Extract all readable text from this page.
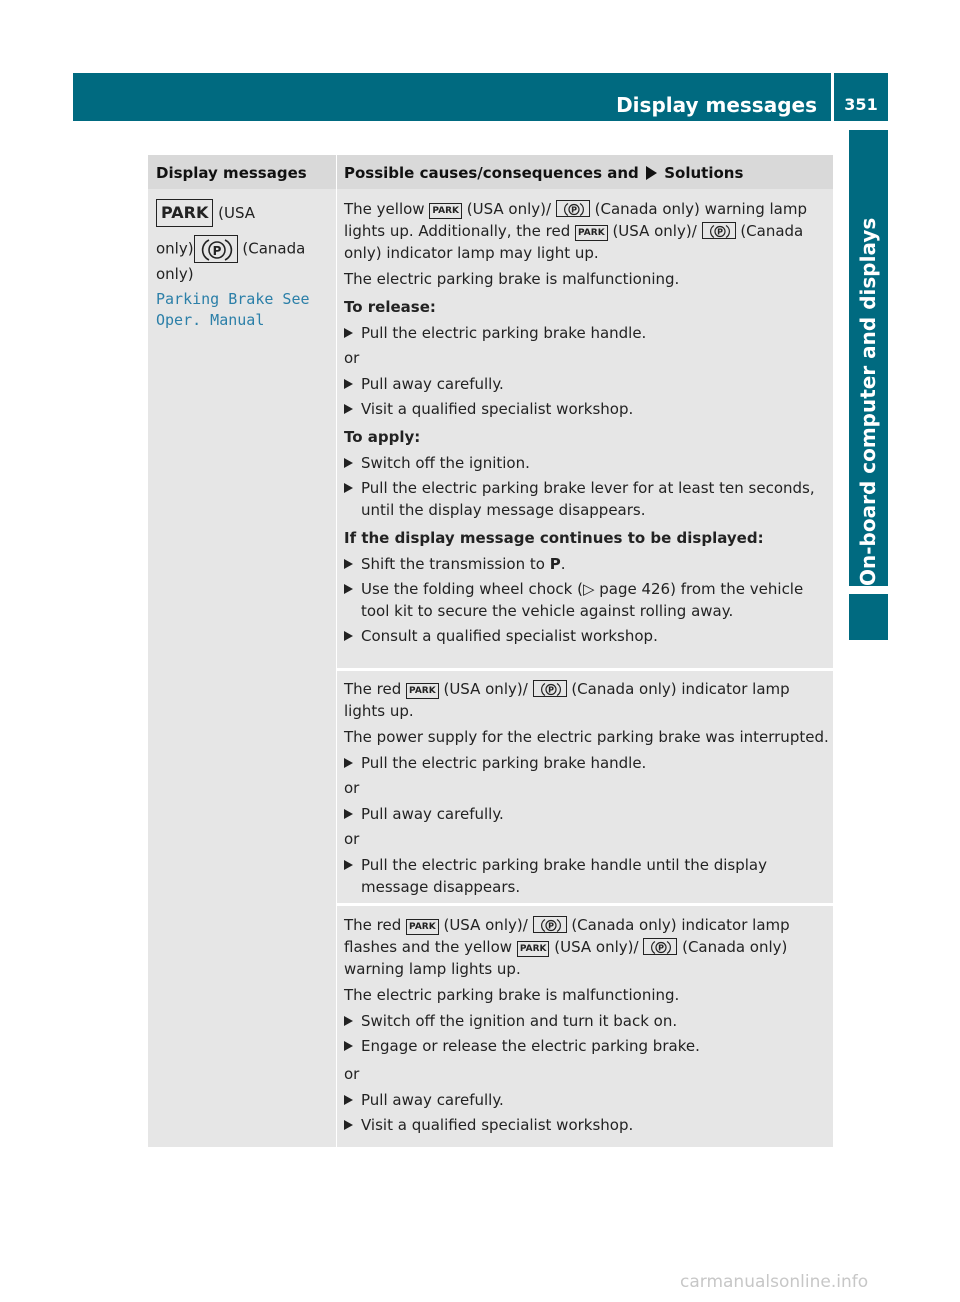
Display messages	351
On-board computer and displays
Display messages	Possible causes/consequences and Solutions
PARK (USA
only) P (Canada
only)
Parking Brake See
Oper. Manual

The yellow PARK (USA only)/ P (Canada only) warning lamp lights up. Additionally, the red PARK (USA only)/ P (Canada only) indicator lamp may light up.

The electric parking brake is malfunctioning.

To release:

Pull the electric parking brake handle.

or

Pull away carefully.
Visit a qualified specialist workshop.

To apply:

Switch off the ignition.
Pull the electric parking brake lever for at least ten seconds, until the display message disappears.

If the display message continues to be displayed:

Shift the transmission to P.
Use the folding wheel chock (▷ page 426) from the vehicle tool kit to secure the vehicle against rolling away.
Consult a qualified specialist workshop.

The red PARK (USA only)/ P (Canada only) indicator lamp lights up.

The power supply for the electric parking brake was interrupted.

Pull the electric parking brake handle.

or

Pull away carefully.

or

Pull the electric parking brake handle until the display message disappears.

The red PARK (USA only)/ P (Canada only) indicator lamp flashes and the yellow PARK (USA only)/ P (Canada only) warning lamp lights up.

The electric parking brake is malfunctioning.

Switch off the ignition and turn it back on.
Engage or release the electric parking brake.

or

Pull away carefully.
Visit a qualified specialist workshop.
carmanualsonline.info
